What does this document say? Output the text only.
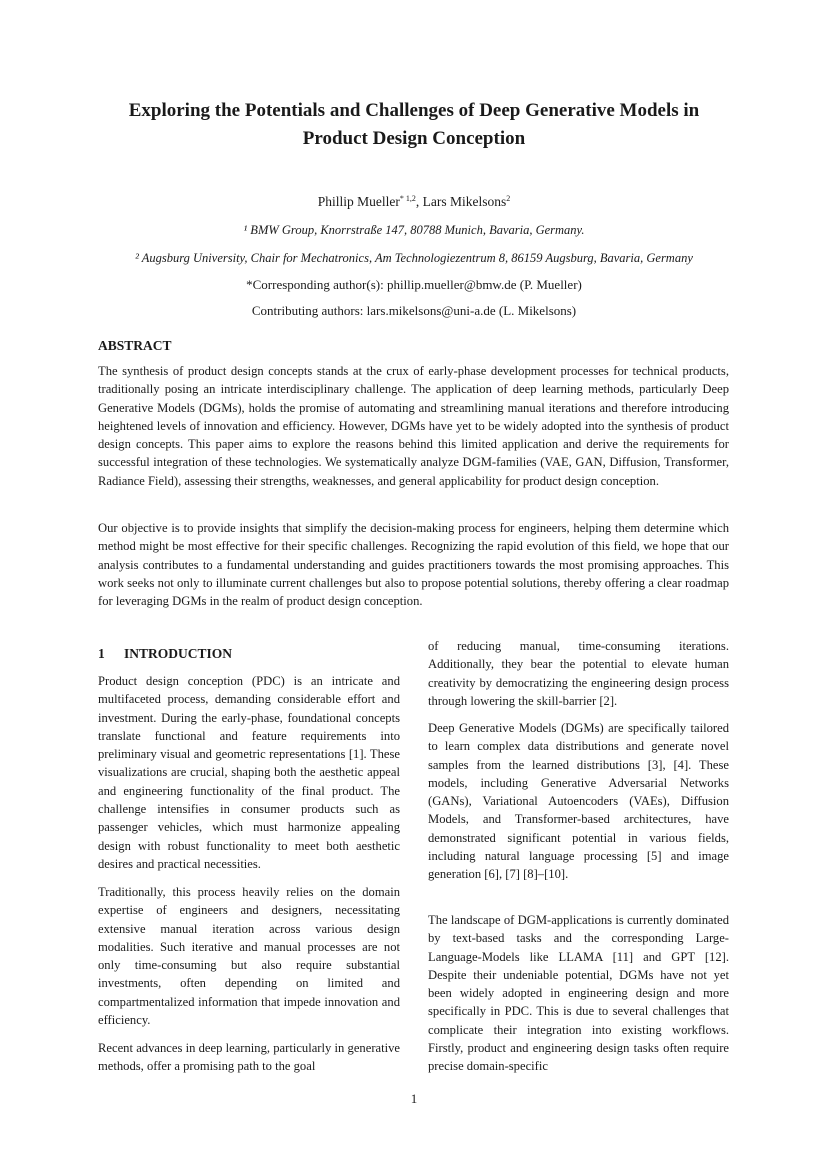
Exploring the Potentials and Challenges of Deep Generative Models in
Product Design Conception
Phillip Mueller$^{* 1,2}$, Lars Mikelsons$^2$
¹ BMW Group, Knorrstraße 147, 80788 Munich, Bavaria, Germany.
² Augsburg University, Chair for Mechatronics, Am Technologiezentrum 8, 86159 Augsburg, Bavaria, Germany
*Corresponding author(s): phillip.mueller@bmw.de (P. Mueller)
Contributing authors: lars.mikelsons@uni-a.de (L. Mikelsons)
ABSTRACT
The synthesis of product design concepts stands at the crux of early-phase development processes for technical products, traditionally posing an intricate interdisciplinary challenge. The application of deep learning methods, particularly Deep Generative Models (DGMs), holds the promise of automating and streamlining manual iterations and therefore introducing heightened levels of innovation and efficiency. However, DGMs have yet to be widely adopted into the synthesis of product design concepts. This paper aims to explore the reasons behind this limited application and derive the requirements for successful integration of these technologies. We systematically analyze DGM-families (VAE, GAN, Diffusion, Transformer, Radiance Field), assessing their strengths, weaknesses, and general applicability for product design conception.
Our objective is to provide insights that simplify the decision-making process for engineers, helping them determine which method might be most effective for their specific challenges. Recognizing the rapid evolution of this field, we hope that our analysis contributes to a fundamental understanding and guides practitioners towards the most promising approaches. This work seeks not only to illuminate current challenges but also to propose potential solutions, thereby offering a clear roadmap for leveraging DGMs in the realm of product design conception.
1 INTRODUCTION
Product design conception (PDC) is an intricate and multifaceted process, demanding considerable effort and investment. During the early-phase, foundational concepts translate functional and feature requirements into preliminary visual and geometric representations [1]. These visualizations are crucial, shaping both the aesthetic appeal and engineering functionality of the final product. The challenge intensifies in consumer products such as passenger vehicles, which must harmonize appealing design with robust functionality to meet both aesthetic desires and practical necessities.
Traditionally, this process heavily relies on the domain expertise of engineers and designers, necessitating extensive manual iteration across various design modalities. Such iterative and manual processes are not only time-consuming but also require substantial investments, often depending on limited and compartmentalized information that impede innovation and efficiency.
Recent advances in deep learning, particularly in generative methods, offer a promising path to the goal
of reducing manual, time-consuming iterations. Additionally, they bear the potential to elevate human creativity by democratizing the engineering design process through lowering the skill-barrier [2].
Deep Generative Models (DGMs) are specifically tailored to learn complex data distributions and generate novel samples from the learned distributions [3], [4]. These models, including Generative Adversarial Networks (GANs), Variational Autoencoders (VAEs), Diffusion Models, and Transformer-based architectures, have demonstrated significant potential in various fields, including natural language processing [5] and image generation [6], [7] [8]–[10].
The landscape of DGM-applications is currently dominated by text-based tasks and the corresponding Large-Language-Models like LLAMA [11] and GPT [12]. Despite their undeniable potential, DGMs have not yet been widely adopted in engineering design and more specifically in PDC. This is due to several challenges that complicate their integration into existing workflows. Firstly, product and engineering design tasks often require precise domain-specific
1
